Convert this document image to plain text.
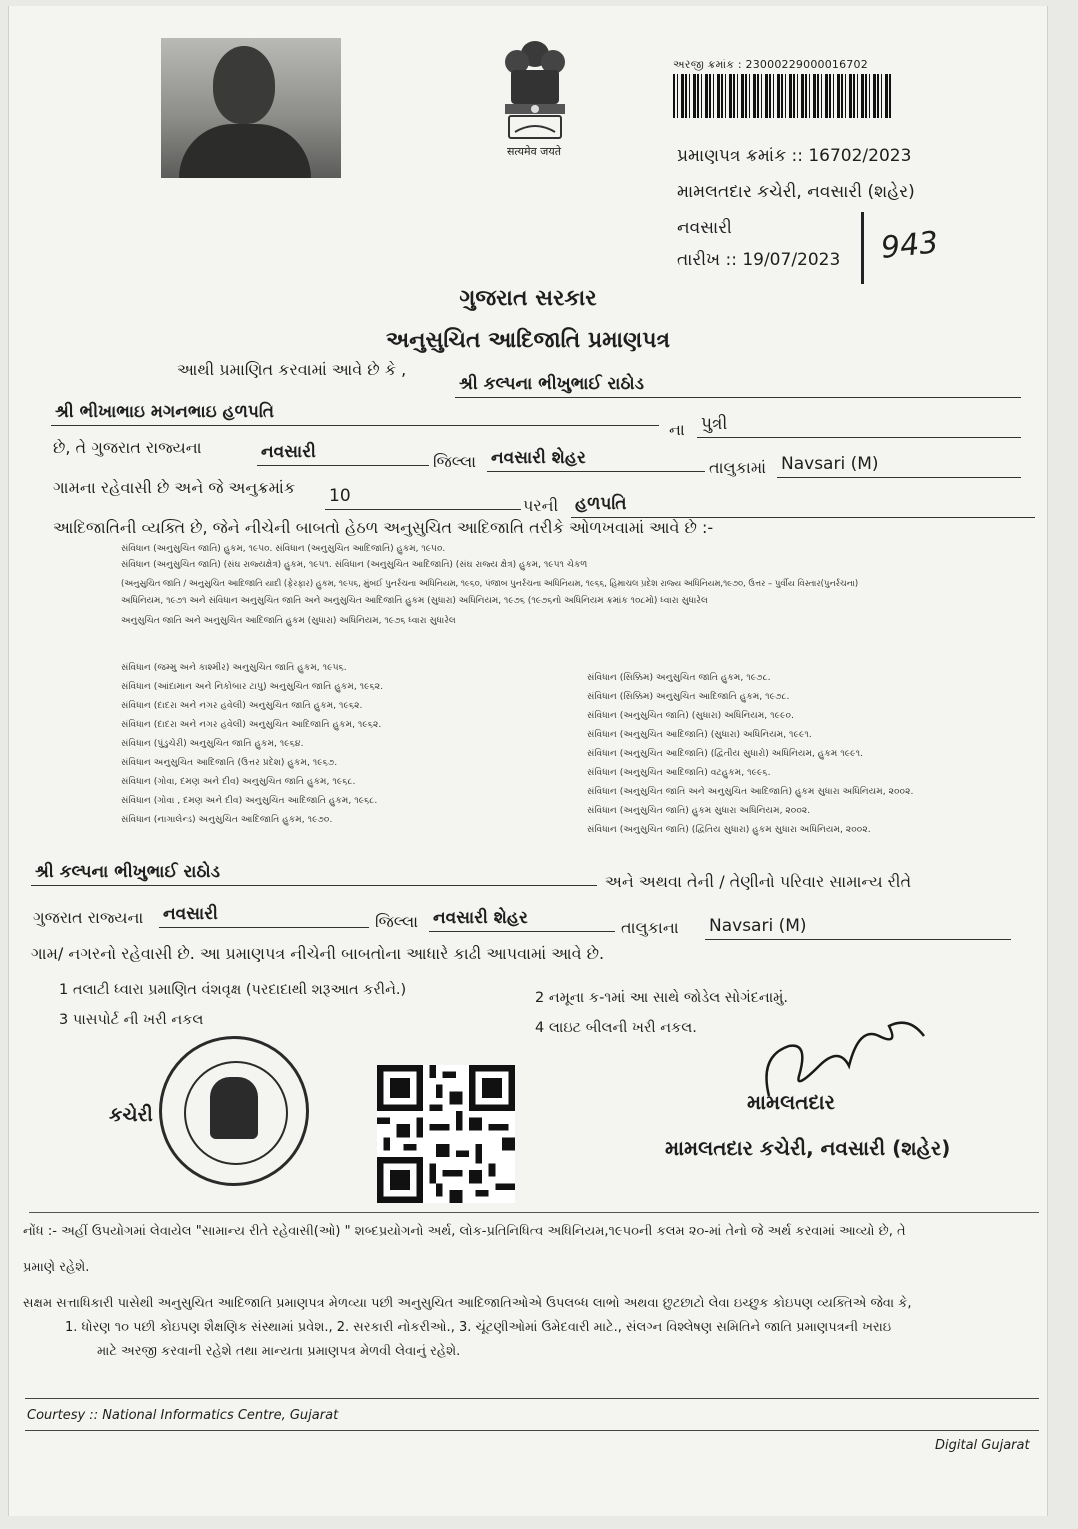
सत्यमेव जयते
અરજી ક્રમાંક : 23000229000016702
પ્રમાણપત્ર ક્રમાંક :: 16702/2023
મામલતદાર કચેરી, નવસારી (શહેર)
નવસારી
તારીખ :: 19/07/2023 943
ગુજરાત સરકાર
અનુસુચિત આદિજાતિ પ્રમાણપત્ર
આથી પ્રમાણિત કરવામાં આવે છે કે ,
શ્રી કલ્પના ભીખુભાઈ રાઠોડ
શ્રી ભીખાભાઇ મગનભાઇ હળપતિ
ના પુત્રી
છે, તે ગુજરાત રાજ્યના	નવસારી	જિલ્લા નવસારી શેહર	તાલુકામાં Navsari (M)
ગામના રહેવાસી છે અને જે અનુક્રમાંક 10	પરની હળપતિ
આદિજાતિની વ્યક્તિ છે, જેને નીચેની બાબતો હેઠળ અનુસુચિત આદિજાતિ તરીકે ઓળખવામાં આવે છે :-
સંવિધાન (અનુસુચિત જાતિ) હુકમ, ૧૯૫૦. સંવિધાન (અનુસુચિત આદિજાતિ) હુકમ, ૧૯૫૦.
સંવિધાન (અનુસુચિત જાતિ) (સંઘ રાજ્યક્ષેત્ર) હુકમ, ૧૯૫૧. સંવિધાન (અનુસુચિત આદિજાતિ) (સંઘ રાજ્ય ક્ષેત્ર) હુકમ, ૧૯૫૧ ચેકળ
(અનુસુચિત જાતિ / અનુસુચિત આદિજાતિ યાદી (ફેરફાર) હુકમ, ૧૯૫૬, મુંબઈ પુનર્રચના અધિનિયમ, ૧૯૬૦, પંજાબ પુનર્રચના અધિનિયમ, ૧૯૬૬, હિમાચલ પ્રદેશ રાજ્ય અધિનિયમ,૧૯૭૦, ઉત્તર – પુર્વીય વિસ્તાર(પુનર્રચના)
અધિનિયમ, ૧૯૭૧ અને સંવિધાન અનુસુચિત જાતિ અને અનુસુચિત આદિજાતિ હુકમ (સુધારા) અધિનિયમ, ૧૯૭૬ (૧૯૭૬નો અધિનિયમ ક્રમાંક ૧૦૮મો) ધ્વારા સુધારેલ
અનુસુચિત જાતિ અને અનુસુચિત આદિજાતિ હુકમ (સુધારા) અધિનિયમ, ૧૯૭૬ ધ્વારા સુધારેલ
સંવિધાન (જમ્મુ અને કાશ્મીર) અનુસુચિત જાતિ હુકમ, ૧૯૫૬.
સંવિધાન (આંદામાન અને નિકોબાર ટાપુ) અનુસુચિત જાતિ હુકમ, ૧૯૬૨.
સંવિધાન (દાદરા અને નગર હવેલી) અનુસુચિત જાતિ હુકમ, ૧૯૬૨.
સંવિધાન (દાદરા અને નગર હવેલી) અનુસુચિત આદિજાતિ હુકમ, ૧૯૬૨.
સંવિધાન (પુંડુચેરી) અનુસુચિત જાતિ હુકમ, ૧૯૬૪.
સંવિધાન અનુસુચિત આદિજાતિ (ઉત્તર પ્રદેશ) હુકમ, ૧૯૬૭.
સંવિધાન (ગોવા, દમણ અને દીવ) અનુસુચિત જાતિ હુકમ, ૧૯૬૮.
સંવિધાન (ગોવા , દમણ અને દીવ) અનુસુચિત આદિજાતિ હુકમ, ૧૯૬૮.
સંવિધાન (નાગાલેન્ડ) અનુસુચિત આદિજાતિ હુકમ, ૧૯૭૦.
સંવિધાન (સિક્કિમ) અનુસુચિત જાતિ હુકમ, ૧૯૭૮.
સંવિધાન (સિક્કિમ) અનુસુચિત આદિજાતિ હુકમ, ૧૯૭૮.
સંવિધાન (અનુસુચિત જાતિ) (સુધારા) અધિનિયમ, ૧૯૯૦.
સંવિધાન (અનુસુચિત આદિજાતિ) (સુધારા) અધિનિયમ, ૧૯૯૧.
સંવિધાન (અનુસુચિત આદિજાતિ) (દ્વિતીય સુધારો) અધિનિયમ, હુકમ ૧૯૯૧.
સંવિધાન (અનુસુચિત આદિજાતિ) વટહુકમ, ૧૯૯૬.
સંવિધાન (અનુસુચિત જાતિ અને અનુસુચિત આદિજાતિ) હુકમ સુધારા અધિનિયમ, ૨૦૦૨.
સંવિધાન (અનુસુચિત જાતિ) હુકમ સુધારા અધિનિયમ, ૨૦૦૨.
સંવિધાન (અનુસુચિત જાતિ) (દ્વિતિય સુધારા) હુકમ સુધારા અધિનિયમ, ૨૦૦૨.
શ્રી કલ્પના ભીખુભાઈ રાઠોડ	અને અથવા તેની / તેણીનો પરિવાર સામાન્ય રીતે
ગુજરાત રાજ્યના નવસારી	જિલ્લા નવસારી શેહર	તાલુકાના Navsari (M)
ગામ/ નગરનો રહેવાસી છે. આ પ્રમાણપત્ર નીચેની બાબતોના આધારે કાઢી આપવામાં આવે છે.
1 તલાટી ધ્વારા પ્રમાણિત વંશવૃક્ષ (પરદાદાથી શરૂઆત કરીને.)	2 નમૂના ક-૧માં આ સાથે જોડેલ સોગંદનામું.
3 પાસપોર્ટ ની ખરી નકલ	4 લાઇટ બીલની ખરી નકલ.
કચેરી
મામલતદાર
મામલતદાર કચેરી, નવસારી (શહેર)
નોંધ :- અહીં ઉપયોગમાં લેવાયેલ "સામાન્ય રીતે રહેવાસી(ઓ) " શબ્દપ્રયોગનો અર્થ, લોક-પ્રતિનિધિત્વ અધિનિયમ,૧૯૫૦ની કલમ ૨૦-માં તેનો જે અર્થ કરવામાં આવ્યો છે, તે
પ્રમાણે રહેશે.
સક્ષમ સત્તાધિકારી પાસેથી અનુસુચિત આદિજાતિ પ્રમાણપત્ર મેળવ્યા પછી અનુસુચિત આદિજાતિઓએ ઉપલબ્ધ લાભો અથવા છુટછાટો લેવા ઇચ્છુક કોઇપણ વ્યક્તિએ જેવા કે,
1. ધોરણ ૧૦ પછી કોઇપણ શૈક્ષણિક સંસ્થામાં પ્રવેશ., 2. સરકારી નોકરીઓ., 3. ચૂંટણીઓમાં ઉમેદવારી માટે., સંલગ્ન વિશ્લેષણ સમિતિને જાતિ પ્રમાણપત્રની ખરાઇ
માટે અરજી કરવાની રહેશે તથા માન્યતા પ્રમાણપત્ર મેળવી લેવાનું રહેશે.
Courtesy :: National Informatics Centre, Gujarat
Digital Gujarat
